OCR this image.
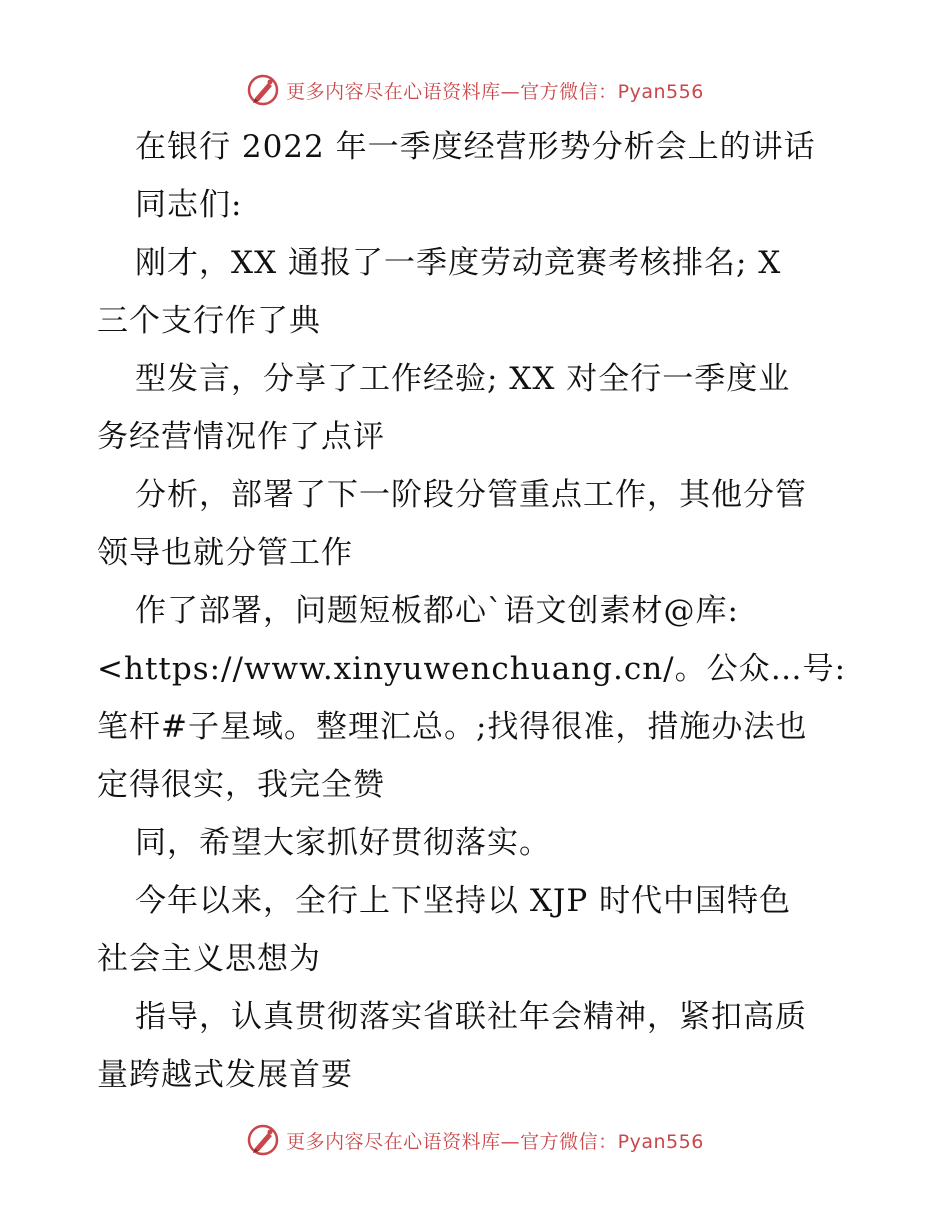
更多内容尽在心语资料库—官方微信：Pyan556
在银行 2022 年一季度经营形势分析会上的讲话
同志们:
刚才，XX 通报了一季度劳动竞赛考核排名; X
三个支行作了典
型发言，分享了工作经验; XX 对全行一季度业
务经营情况作了点评
分析，部署了下一阶段分管重点工作，其他分管
领导也就分管工作
作了部署，问题短板都心`语文创素材@库:
<https://www.xinyuwenchuang.cn/。公众…号:
笔杆#子星域。整理汇总。;找得很准，措施办法也
定得很实，我完全赞
同，希望大家抓好贯彻落实。
今年以来，全行上下坚持以 XJP 时代中国特色
社会主义思想为
指导，认真贯彻落实省联社年会精神，紧扣高质
量跨越式发展首要
更多内容尽在心语资料库—官方微信：Pyan556
